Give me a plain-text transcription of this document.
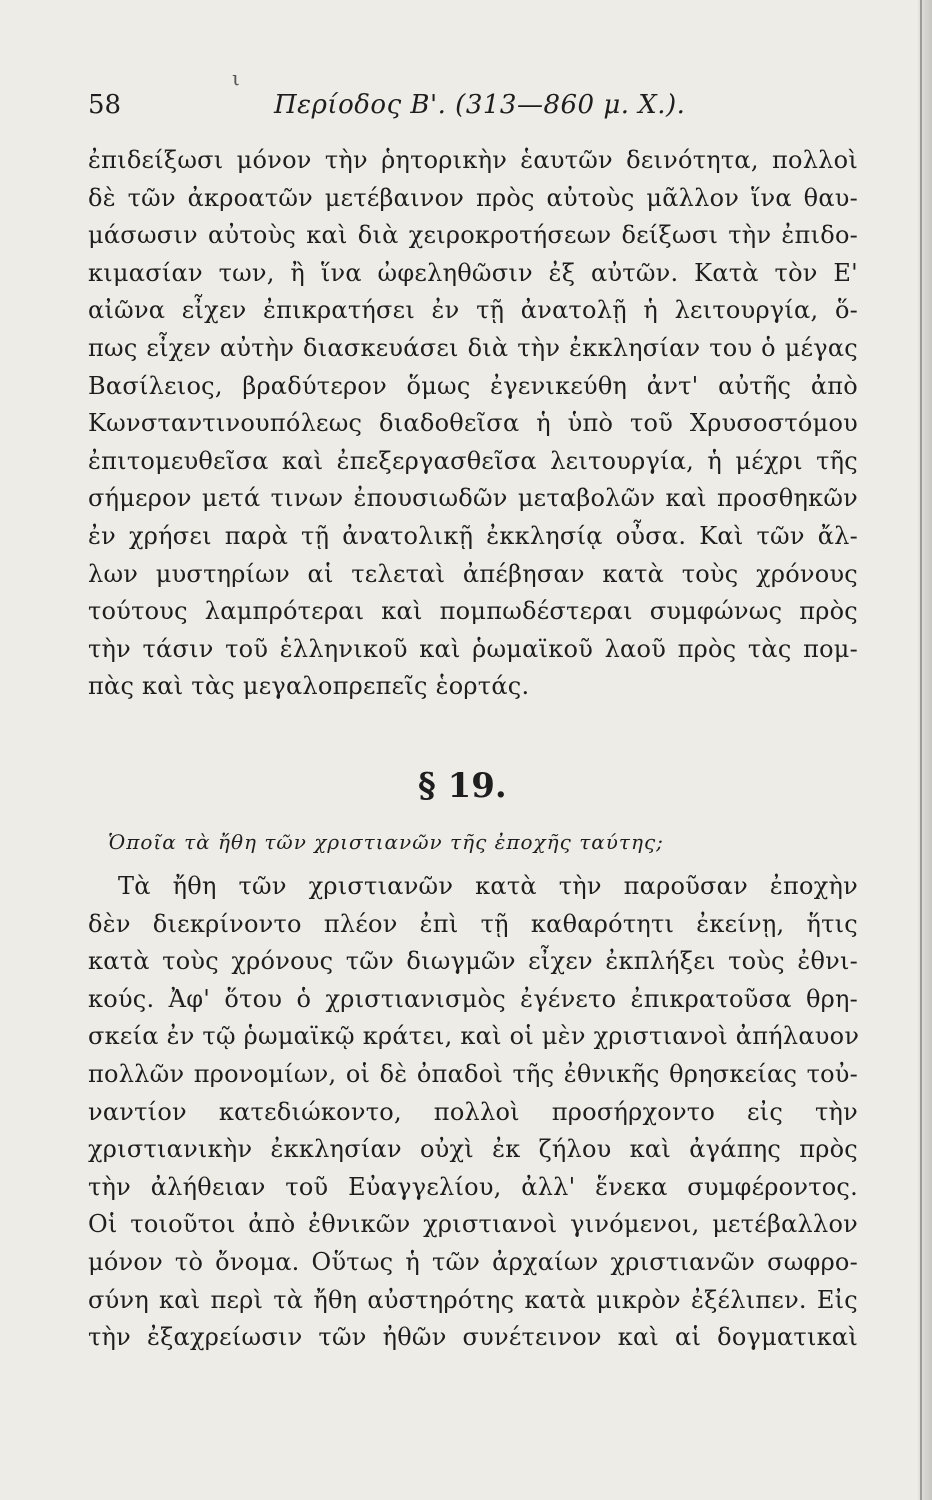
ι
58	Περίοδος Β'. (313—860 μ. Χ.).
ἐπιδείξωσι μόνον τὴν ῥητορικὴν ἑαυτῶν δεινότητα, πολλοὶ
δὲ τῶν ἀκροατῶν μετέβαινον πρὸς αὐτοὺς μᾶλλον ἵνα θαυ-
μάσωσιν αὐτοὺς καὶ διὰ χειροκροτήσεων δείξωσι τὴν ἐπιδο-
κιμασίαν των, ἢ ἵνα ὠφεληθῶσιν ἐξ αὐτῶν. Κατὰ τὸν Ε'
αἰῶνα εἶχεν ἐπικρατήσει ἐν τῇ ἀνατολῇ ἡ λειτουργία, ὅ-
πως εἶχεν αὐτὴν διασκευάσει διὰ τὴν ἐκκλησίαν του ὁ μέγας
Βασίλειος, βραδύτερον ὅμως ἐγενικεύθη ἀντ' αὐτῆς ἀπὸ
Κωνσταντινουπόλεως διαδοθεῖσα ἡ ὑπὸ τοῦ Χρυσοστόμου
ἐπιτομευθεῖσα καὶ ἐπεξεργασθεῖσα λειτουργία, ἡ μέχρι τῆς
σήμερον μετά τινων ἐπουσιωδῶν μεταβολῶν καὶ προσθηκῶν
ἐν χρήσει παρὰ τῇ ἀνατολικῇ ἐκκλησίᾳ οὖσα. Καὶ τῶν ἄλ-
λων μυστηρίων αἱ τελεταὶ ἀπέβησαν κατὰ τοὺς χρόνους
τούτους λαμπρότεραι καὶ πομπωδέστεραι συμφώνως πρὸς
τὴν τάσιν τοῦ ἑλληνικοῦ καὶ ῥωμαϊκοῦ λαοῦ πρὸς τὰς πομ-
πὰς καὶ τὰς μεγαλοπρεπεῖς ἑορτάς.
§ 19.
Ὁποῖα τὰ ἤθη τῶν χριστιανῶν τῆς ἐποχῆς ταύτης;
Τὰ ἤθη τῶν χριστιανῶν κατὰ τὴν παροῦσαν ἐποχὴν
δὲν διεκρίνοντο πλέον ἐπὶ τῇ καθαρότητι ἐκείνῃ, ἥτις
κατὰ τοὺς χρόνους τῶν διωγμῶν εἶχεν ἐκπλήξει τοὺς ἐθνι-
κούς. Ἀφ' ὅτου ὁ χριστιανισμὸς ἐγένετο ἐπικρατοῦσα θρη-
σκεία ἐν τῷ ῥωμαϊκῷ κράτει, καὶ οἱ μὲν χριστιανοὶ ἀπήλαυον
πολλῶν προνομίων, οἱ δὲ ὀπαδοὶ τῆς ἐθνικῆς θρησκείας τοὐ-
ναντίον κατεδιώκοντο, πολλοὶ προσήρχοντο εἰς τὴν
χριστιανικὴν ἐκκλησίαν οὐχὶ ἐκ ζήλου καὶ ἀγάπης πρὸς
τὴν ἀλήθειαν τοῦ Εὐαγγελίου, ἀλλ' ἕνεκα συμφέροντος.
Οἱ τοιοῦτοι ἀπὸ ἐθνικῶν χριστιανοὶ γινόμενοι, μετέβαλλον
μόνον τὸ ὄνομα. Οὕτως ἡ τῶν ἀρχαίων χριστιανῶν σωφρο-
σύνη καὶ περὶ τὰ ἤθη αὐστηρότης κατὰ μικρὸν ἐξέλιπεν. Εἰς
τὴν ἐξαχρείωσιν τῶν ἠθῶν συνέτεινον καὶ αἱ δογματικαὶ
